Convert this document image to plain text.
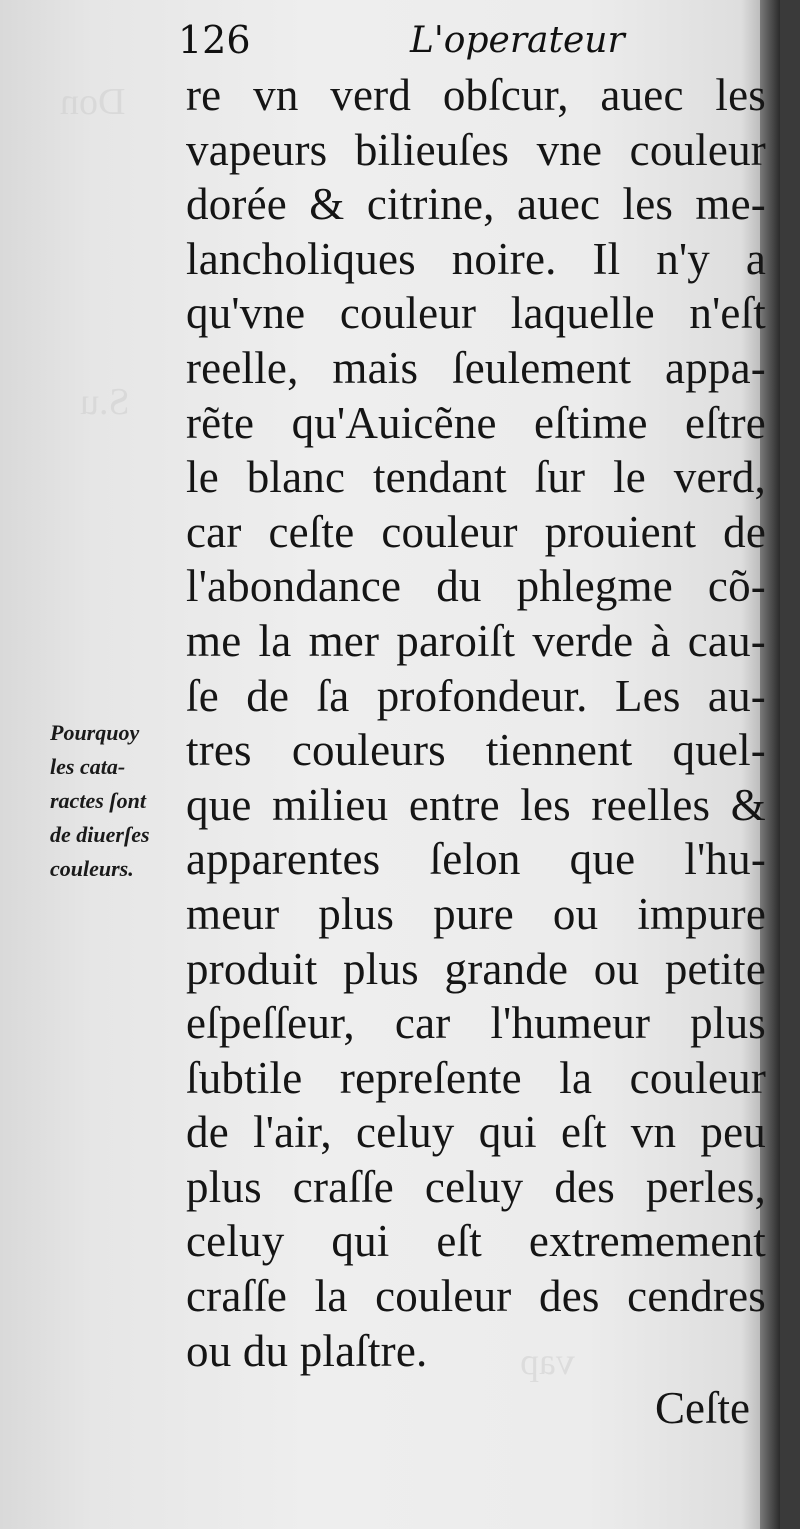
Don
S.u
vap
126	L'operateur
re vn verd obſcur, auec les
vapeurs bilieuſes vne couleur
dorée & citrine, auec les me-
lancholiques noire. Il n'y a
qu'vne couleur laquelle n'eſt
reelle, mais ſeulement appa-
rẽte qu'Auicẽne eſtime eſtre
le blanc tendant ſur le verd,
car ceſte couleur prouient de
l'abondance du phlegme cõ-
me la mer paroiſt verde à cau-
ſe de ſa profondeur. Les au-
tres couleurs tiennent quel-
que milieu entre les reelles &
apparentes ſelon que l'hu-
meur plus pure ou impure
produit plus grande ou petite
eſpeſſeur, car l'humeur plus
ſubtile repreſente la couleur
de l'air, celuy qui eſt vn peu
plus craſſe celuy des perles,
celuy qui eſt extremement
craſſe la couleur des cendres
ou du plaſtre.
Pourquoy
les cata-
ractes ſont
de diuerſes
couleurs.
Ceſte
